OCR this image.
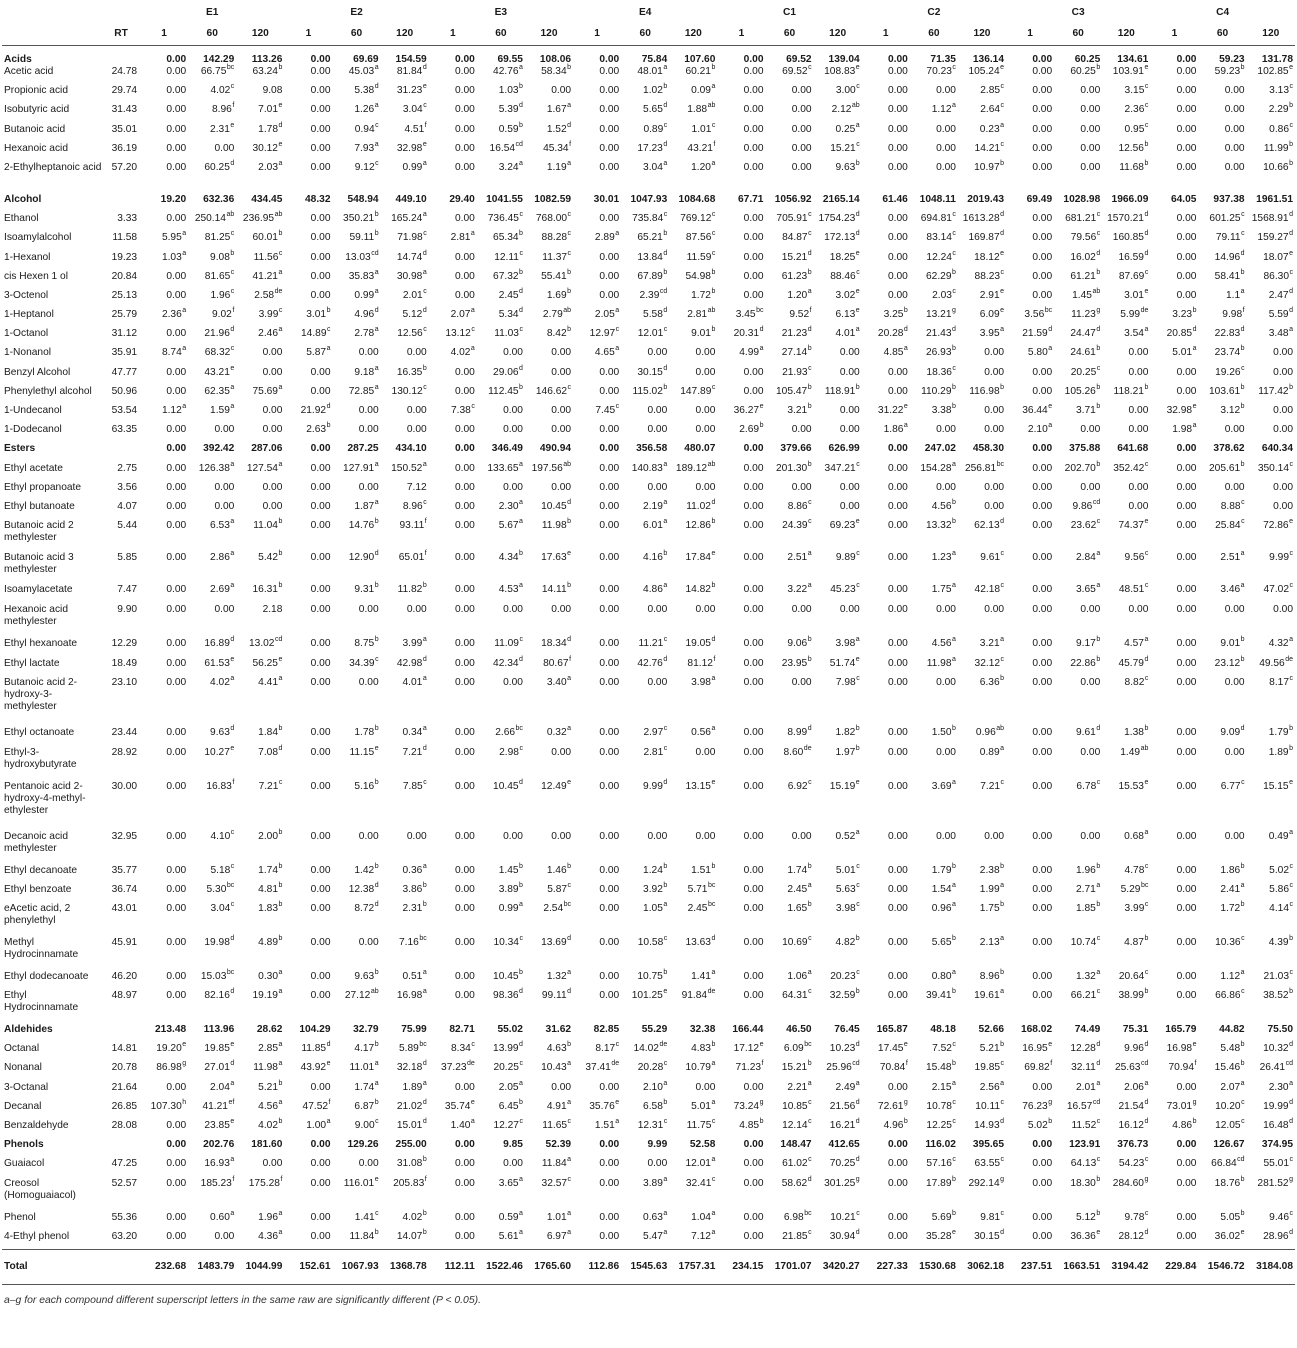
		E1			E2			E3			E4			C1			C2			C3			C4		
	RT	1	60	120	1	60	120	1	60	120	1	60	120	1	60	120	1	60	120	1	60	120	1	60	120
Acids		0.00	142.29	113.26	0.00	69.69	154.59	0.00	69.55	108.06	0.00	75.84	107.60	0.00	69.52	139.04	0.00	71.35	136.14	0.00	60.25	134.61	0.00	59.23	131.78
Acetic acid	24.78	0.00	66.75$^{bc}$	63.24$^b$	0.00	45.03$^a$	81.84$^d$	0.00	42.76$^a$	58.34$^b$	0.00	48.01$^a$	60.21$^b$	0.00	69.52$^c$	108.83e	0.00	70.23$^c$	105.24e	0.00	60.25$^b$	103.91e	0.00	59.23$^b$	102.85e
Propionic acid	29.74	0.00	4.02$^c$	9.08	0.00	5.38$^d$	31.23e	0.00	1.03$^b$	0.00	0.00	1.02$^b$	0.09$^a$	0.00	0.00	3.00$^c$	0.00	0.00	2.85$^c$	0.00	0.00	3.15$^c$	0.00	0.00	3.13$^c$
Isobutyric acid	31.43	0.00	8.96$^f$	7.01e	0.00	1.26$^a$	3.04$^c$	0.00	5.39$^d$	1.67$^a$	0.00	5.65$^d$	1.88$^{ab}$	0.00	0.00	2.12$^{ab}$	0.00	1.12$^a$	2.64$^c$	0.00	0.00	2.36$^c$	0.00	0.00	2.29$^b$
Butanoic acid	35.01	0.00	2.31e	1.78$^d$	0.00	0.94$^c$	4.51$^f$	0.00	0.59$^b$	1.52$^d$	0.00	0.89$^c$	1.01$^c$	0.00	0.00	0.25$^a$	0.00	0.00	0.23$^a$	0.00	0.00	0.95$^c$	0.00	0.00	0.86$^c$
Hexanoic acid	36.19	0.00	0.00	30.12e	0.00	7.93$^a$	32.98e	0.00	16.54$^{cd}$	45.34$^f$	0.00	17.23$^d$	43.21$^f$	0.00	0.00	15.21$^c$	0.00	0.00	14.21$^c$	0.00	0.00	12.56$^b$	0.00	0.00	11.99$^b$
2-Ethylheptanoic acid	57.20	0.00	60.25$^d$	2.03$^a$	0.00	9.12$^c$	0.99$^a$	0.00	3.24$^a$	1.19$^a$	0.00	3.04$^a$	1.20$^a$	0.00	0.00	9.63$^b$	0.00	0.00	10.97$^b$	0.00	0.00	11.68$^b$	0.00	0.00	10.66$^b$
Alcohol		19.20	632.36	434.45	48.32	548.94	449.10	29.40	1041.55	1082.59	30.01	1047.93	1084.68	67.71	1056.92	2165.14	61.46	1048.11	2019.43	69.49	1028.98	1966.09	64.05	937.38	1961.51
Ethanol	3.33	0.00	250.14$^{ab}$	236.95$^{ab}$	0.00	350.21$^b$	165.24$^a$	0.00	736.45$^c$	768.00$^c$	0.00	735.84$^c$	769.12$^c$	0.00	705.91$^c$	1754.23$^d$	0.00	694.81$^c$	1613.28$^d$	0.00	681.21$^c$	1570.21$^d$	0.00	601.25$^c$	1568.91$^d$
Isoamylalcohol	11.58	5.95$^a$	81.25$^c$	60.01$^b$	0.00	59.11$^b$	71.98$^c$	2.81$^a$	65.34$^b$	88.28$^c$	2.89$^a$	65.21$^b$	87.56$^c$	0.00	84.87$^c$	172.13$^d$	0.00	83.14$^c$	169.87$^d$	0.00	79.56$^c$	160.85$^d$	0.00	79.11$^c$	159.27$^d$
1-Hexanol	19.23	1.03$^a$	9.08$^b$	11.56$^c$	0.00	13.03$^{cd}$	14.74$^d$	0.00	12.11$^c$	11.37$^c$	0.00	13.84$^d$	11.59$^c$	0.00	15.21$^d$	18.25e	0.00	12.24$^c$	18.12e	0.00	16.02$^d$	16.59$^d$	0.00	14.96$^d$	18.07e
cis Hexen 1 ol	20.84	0.00	81.65$^c$	41.21$^a$	0.00	35.83$^a$	30.98$^a$	0.00	67.32$^b$	55.41$^b$	0.00	67.89$^b$	54.98$^b$	0.00	61.23$^b$	88.46$^c$	0.00	62.29$^b$	88.23$^c$	0.00	61.21$^b$	87.69$^c$	0.00	58.41$^b$	86.30$^c$
3-Octenol	25.13	0.00	1.96$^c$	2.58de	0.00	0.99$^a$	2.01$^c$	0.00	2.45$^d$	1.69$^b$	0.00	2.39$^{cd}$	1.72$^b$	0.00	1.20$^a$	3.02e	0.00	2.03$^c$	2.91e	0.00	1.45$^{ab}$	3.01e	0.00	1.1$^a$	2.47$^d$
1-Heptanol	25.79	2.36$^a$	9.02$^f$	3.99$^c$	3.01$^b$	4.96$^d$	5.12$^d$	2.07$^a$	5.34$^d$	2.79$^{ab}$	2.05$^a$	5.58$^d$	2.81$^{ab}$	3.45$^{bc}$	9.52$^f$	6.13e	3.25$^b$	13.21$^g$	6.09e	3.56$^{bc}$	11.23$^g$	5.99de	3.23$^b$	9.98$^f$	5.59$^d$
1-Octanol	31.12	0.00	21.96$^d$	2.46$^a$	14.89$^c$	2.78$^a$	12.56$^c$	13.12$^c$	11.03$^c$	8.42$^b$	12.97$^c$	12.01$^c$	9.01$^b$	20.31$^d$	21.23$^d$	4.01$^a$	20.28$^d$	21.43$^d$	3.95$^a$	21.59$^d$	24.47$^d$	3.54$^a$	20.85$^d$	22.83$^d$	3.48$^a$
1-Nonanol	35.91	8.74$^a$	68.32$^c$	0.00	5.87$^a$	0.00	0.00	4.02$^a$	0.00	0.00	4.65$^a$	0.00	0.00	4.99$^a$	27.14$^b$	0.00	4.85$^a$	26.93$^b$	0.00	5.80$^a$	24.61$^b$	0.00	5.01$^a$	23.74$^b$	0.00
Benzyl Alcohol	47.77	0.00	43.21e	0.00	0.00	9.18$^a$	16.35$^b$	0.00	29.06$^d$	0.00	0.00	30.15$^d$	0.00	0.00	21.93$^c$	0.00	0.00	18.36$^c$	0.00	0.00	20.25$^c$	0.00	0.00	19.26$^c$	0.00
Phenylethyl alcohol	50.96	0.00	62.35$^a$	75.69$^a$	0.00	72.85$^a$	130.12$^c$	0.00	112.45$^b$	146.62$^c$	0.00	115.02$^b$	147.89$^c$	0.00	105.47$^b$	118.91$^b$	0.00	110.29$^b$	116.98$^b$	0.00	105.26$^b$	118.21$^b$	0.00	103.61$^b$	117.42$^b$
1-Undecanol	53.54	1.12$^a$	1.59$^a$	0.00	21.92$^d$	0.00	0.00	7.38$^c$	0.00	0.00	7.45$^c$	0.00	0.00	36.27e	3.21$^b$	0.00	31.22e	3.38$^b$	0.00	36.44e	3.71$^b$	0.00	32.98e	3.12$^b$	0.00
1-Dodecanol	63.35	0.00	0.00	0.00	2.63$^b$	0.00	0.00	0.00	0.00	0.00	0.00	0.00	0.00	2.69$^b$	0.00	0.00	1.86$^a$	0.00	0.00	2.10$^a$	0.00	0.00	1.98$^a$	0.00	0.00
Esters		0.00	392.42	287.06	0.00	287.25	434.10	0.00	346.49	490.94	0.00	356.58	480.07	0.00	379.66	626.99	0.00	247.02	458.30	0.00	375.88	641.68	0.00	378.62	640.34
Ethyl acetate	2.75	0.00	126.38$^a$	127.54$^a$	0.00	127.91$^a$	150.52$^a$	0.00	133.65$^a$	197.56$^{ab}$	0.00	140.83$^a$	189.12$^{ab}$	0.00	201.30$^b$	347.21$^c$	0.00	154.28$^a$	256.81$^{bc}$	0.00	202.70$^b$	352.42$^c$	0.00	205.61$^b$	350.14$^c$
Ethyl propanoate	3.56	0.00	0.00	0.00	0.00	0.00	7.12	0.00	0.00	0.00	0.00	0.00	0.00	0.00	0.00	0.00	0.00	0.00	0.00	0.00	0.00	0.00	0.00	0.00	0.00
Ethyl butanoate	4.07	0.00	0.00	0.00	0.00	1.87$^a$	8.96$^c$	0.00	2.30$^a$	10.45$^d$	0.00	2.19$^a$	11.02$^d$	0.00	8.86$^c$	0.00	0.00	4.56$^b$	0.00	0.00	9.86$^{cd}$	0.00	0.00	8.88$^c$	0.00
Butanoic acid 2 methylester	5.44	0.00	6.53$^a$	11.04$^b$	0.00	14.76$^b$	93.11$^f$	0.00	5.67$^a$	11.98$^b$	0.00	6.01$^a$	12.86$^b$	0.00	24.39$^c$	69.23e	0.00	13.32$^b$	62.13$^d$	0.00	23.62$^c$	74.37e	0.00	25.84$^c$	72.86e
Butanoic acid 3 methylester	5.85	0.00	2.86$^a$	5.42$^b$	0.00	12.90$^d$	65.01$^f$	0.00	4.34$^b$	17.63e	0.00	4.16$^b$	17.84e	0.00	2.51$^a$	9.89$^c$	0.00	1.23$^a$	9.61$^c$	0.00	2.84$^a$	9.56$^c$	0.00	2.51$^a$	9.99$^c$
Isoamylacetate	7.47	0.00	2.69$^a$	16.31$^b$	0.00	9.31$^b$	11.82$^b$	0.00	4.53$^a$	14.11$^b$	0.00	4.86$^a$	14.82$^b$	0.00	3.22$^a$	45.23$^c$	0.00	1.75$^a$	42.18$^c$	0.00	3.65$^a$	48.51$^c$	0.00	3.46$^a$	47.02$^c$
Hexanoic acid methylester	9.90	0.00	0.00	2.18	0.00	0.00	0.00	0.00	0.00	0.00	0.00	0.00	0.00	0.00	0.00	0.00	0.00	0.00	0.00	0.00	0.00	0.00	0.00	0.00	0.00
Ethyl hexanoate	12.29	0.00	16.89$^d$	13.02$^{cd}$	0.00	8.75$^b$	3.99$^a$	0.00	11.09$^c$	18.34$^d$	0.00	11.21$^c$	19.05$^d$	0.00	9.06$^b$	3.98$^a$	0.00	4.56$^a$	3.21$^a$	0.00	9.17$^b$	4.57$^a$	0.00	9.01$^b$	4.32$^a$
Ethyl lactate	18.49	0.00	61.53e	56.25e	0.00	34.39$^c$	42.98$^d$	0.00	42.34$^d$	80.67$^f$	0.00	42.76$^d$	81.12$^f$	0.00	23.95$^b$	51.74e	0.00	11.98$^a$	32.12$^c$	0.00	22.86$^b$	45.79$^d$	0.00	23.12$^b$	49.56de
Butanoic acid 2-hydroxy-3-methylester	23.10	0.00	4.02$^a$	4.41$^a$	0.00	0.00	4.01$^a$	0.00	0.00	3.40$^a$	0.00	0.00	3.98$^a$	0.00	0.00	7.98$^c$	0.00	0.00	6.36$^b$	0.00	0.00	8.82$^c$	0.00	0.00	8.17$^c$
Ethyl octanoate	23.44	0.00	9.63$^d$	1.84$^b$	0.00	1.78$^b$	0.34$^a$	0.00	2.66$^{bc}$	0.32$^a$	0.00	2.97$^c$	0.56$^a$	0.00	8.99$^d$	1.82$^b$	0.00	1.50$^b$	0.96$^{ab}$	0.00	9.61$^d$	1.38$^b$	0.00	9.09$^d$	1.79$^b$
Ethyl-3-hydroxybutyrate	28.92	0.00	10.27e	7.08$^d$	0.00	11.15e	7.21$^d$	0.00	2.98$^c$	0.00	0.00	2.81$^c$	0.00	0.00	8.60de	1.97$^b$	0.00	0.00	0.89$^a$	0.00	0.00	1.49$^{ab}$	0.00	0.00	1.89$^b$
Pentanoic acid 2-hydroxy-4-methyl-ethylester	30.00	0.00	16.83$^f$	7.21$^c$	0.00	5.16$^b$	7.85$^c$	0.00	10.45$^d$	12.49e	0.00	9.99$^d$	13.15e	0.00	6.92$^c$	15.19e	0.00	3.69$^a$	7.21$^c$	0.00	6.78$^c$	15.53e	0.00	6.77$^c$	15.15e
Decanoic acid methylester	32.95	0.00	4.10$^c$	2.00$^b$	0.00	0.00	0.00	0.00	0.00	0.00	0.00	0.00	0.00	0.00	0.00	0.52$^a$	0.00	0.00	0.00	0.00	0.00	0.68$^a$	0.00	0.00	0.49$^a$
Ethyl decanoate	35.77	0.00	5.18$^c$	1.74$^b$	0.00	1.42$^b$	0.36$^a$	0.00	1.45$^b$	1.46$^b$	0.00	1.24$^b$	1.51$^b$	0.00	1.74$^b$	5.01$^c$	0.00	1.79$^b$	2.38$^b$	0.00	1.96$^b$	4.78$^c$	0.00	1.86$^b$	5.02$^c$
Ethyl benzoate	36.74	0.00	5.30$^{bc}$	4.81$^b$	0.00	12.38$^d$	3.86$^b$	0.00	3.89$^b$	5.87$^c$	0.00	3.92$^b$	5.71$^{bc}$	0.00	2.45$^a$	5.63$^c$	0.00	1.54$^a$	1.99$^a$	0.00	2.71$^a$	5.29$^{bc}$	0.00	2.41$^a$	5.86$^c$
eAcetic acid, 2 phenylethyl	43.01	0.00	3.04$^c$	1.83$^b$	0.00	8.72$^d$	2.31$^b$	0.00	0.99$^a$	2.54$^{bc}$	0.00	1.05$^a$	2.45$^{bc}$	0.00	1.65$^b$	3.98$^c$	0.00	0.96$^a$	1.75$^b$	0.00	1.85$^b$	3.99$^c$	0.00	1.72$^b$	4.14$^c$
Methyl Hydrocinnamate	45.91	0.00	19.98$^d$	4.89$^b$	0.00	0.00	7.16$^{bc}$	0.00	10.34$^c$	13.69$^d$	0.00	10.58$^c$	13.63$^d$	0.00	10.69$^c$	4.82$^b$	0.00	5.65$^b$	2.13$^a$	0.00	10.74$^c$	4.87$^b$	0.00	10.36$^c$	4.39$^b$
Ethyl dodecanoate	46.20	0.00	15.03$^{bc}$	0.30$^a$	0.00	9.63$^b$	0.51$^a$	0.00	10.45$^b$	1.32$^a$	0.00	10.75$^b$	1.41$^a$	0.00	1.06$^a$	20.23$^c$	0.00	0.80$^a$	8.96$^b$	0.00	1.32$^a$	20.64$^c$	0.00	1.12$^a$	21.03$^c$
Ethyl Hydrocinnamate	48.97	0.00	82.16$^d$	19.19$^a$	0.00	27.12$^{ab}$	16.98$^a$	0.00	98.36$^d$	99.11$^d$	0.00	101.25e	91.84de	0.00	64.31$^c$	32.59$^b$	0.00	39.41$^b$	19.61$^a$	0.00	66.21$^c$	38.99$^b$	0.00	66.86$^c$	38.52$^b$
Aldehides		213.48	113.96	28.62	104.29	32.79	75.99	82.71	55.02	31.62	82.85	55.29	32.38	166.44	46.50	76.45	165.87	48.18	52.66	168.02	74.49	75.31	165.79	44.82	75.50
Octanal	14.81	19.20e	19.85e	2.85$^a$	11.85$^d$	4.17$^b$	5.89$^{bc}$	8.34$^c$	13.99$^d$	4.63$^b$	8.17$^c$	14.02de	4.83$^b$	17.12e	6.09$^{bc}$	10.23$^d$	17.45e	7.52$^c$	5.21$^b$	16.95e	12.28$^d$	9.96$^d$	16.98e	5.48$^b$	10.32$^d$
Nonanal	20.78	86.98$^g$	27.01$^d$	11.98$^a$	43.92e	11.01$^a$	32.18$^d$	37.23de	20.25$^c$	10.43$^a$	37.41de	20.28$^c$	10.79$^a$	71.23$^f$	15.21$^b$	25.96$^{cd}$	70.84$^f$	15.48$^b$	19.85$^c$	69.82$^f$	32.11$^d$	25.63$^{cd}$	70.94$^f$	15.46$^b$	26.41$^{cd}$
3-Octanal	21.64	0.00	2.04$^a$	5.21$^b$	0.00	1.74$^a$	1.89$^a$	0.00	2.05$^a$	0.00	0.00	2.10$^a$	0.00	0.00	2.21$^a$	2.49$^a$	0.00	2.15$^a$	2.56$^a$	0.00	2.01$^a$	2.06$^a$	0.00	2.07$^a$	2.30$^a$
Decanal	26.85	107.30$^h$	41.21$^{ef}$	4.56$^a$	47.52$^f$	6.87$^b$	21.02$^d$	35.74e	6.45$^b$	4.91$^a$	35.76e	6.58$^b$	5.01$^a$	73.24$^g$	10.85$^c$	21.56$^d$	72.61$^g$	10.78$^c$	10.11$^c$	76.23$^g$	16.57$^{cd}$	21.54$^d$	73.01$^g$	10.20$^c$	19.99$^d$
Benzaldehyde	28.08	0.00	23.85e	4.02$^b$	1.00$^a$	9.00$^c$	15.01$^d$	1.40$^a$	12.27$^c$	11.65$^c$	1.51$^a$	12.31$^c$	11.75$^c$	4.85$^b$	12.14$^c$	16.21$^d$	4.96$^b$	12.25$^c$	14.93$^d$	5.02$^b$	11.52$^c$	16.12$^d$	4.86$^b$	12.05$^c$	16.48$^d$
Phenols		0.00	202.76	181.60	0.00	129.26	255.00	0.00	9.85	52.39	0.00	9.99	52.58	0.00	148.47	412.65	0.00	116.02	395.65	0.00	123.91	376.73	0.00	126.67	374.95
Guaiacol	47.25	0.00	16.93$^a$	0.00	0.00	0.00	31.08$^b$	0.00	0.00	11.84$^a$	0.00	0.00	12.01$^a$	0.00	61.02$^c$	70.25$^d$	0.00	57.16$^c$	63.55$^c$	0.00	64.13$^c$	54.23$^c$	0.00	66.84$^{cd}$	55.01$^c$
Creosol (Homoguaiacol)	52.57	0.00	185.23$^f$	175.28$^f$	0.00	116.01e	205.83$^f$	0.00	3.65$^a$	32.57$^c$	0.00	3.89$^a$	32.41$^c$	0.00	58.62$^d$	301.25$^g$	0.00	17.89$^b$	292.14$^g$	0.00	18.30$^b$	284.60$^g$	0.00	18.76$^b$	281.52$^g$
Phenol	55.36	0.00	0.60$^a$	1.96$^a$	0.00	1.41$^c$	4.02$^b$	0.00	0.59$^a$	1.01$^a$	0.00	0.63$^a$	1.04$^a$	0.00	6.98$^{bc}$	10.21$^c$	0.00	5.69$^b$	9.81$^c$	0.00	5.12$^b$	9.78$^c$	0.00	5.05$^b$	9.46$^c$
4-Ethyl phenol	63.20	0.00	0.00	4.36$^a$	0.00	11.84$^b$	14.07$^b$	0.00	5.61$^a$	6.97$^a$	0.00	5.47$^a$	7.12$^a$	0.00	21.85$^c$	30.94$^d$	0.00	35.28e	30.15$^d$	0.00	36.36e	28.12$^d$	0.00	36.02e	28.96$^d$
Total		232.68	1483.79	1044.99	152.61	1067.93	1368.78	112.11	1522.46	1765.60	112.86	1545.63	1757.31	234.15	1701.07	3420.27	227.33	1530.68	3062.18	237.51	1663.51	3194.42	229.84	1546.72	3184.08
a–g for each compound different superscript letters in the same raw are significantly different (P < 0.05).
